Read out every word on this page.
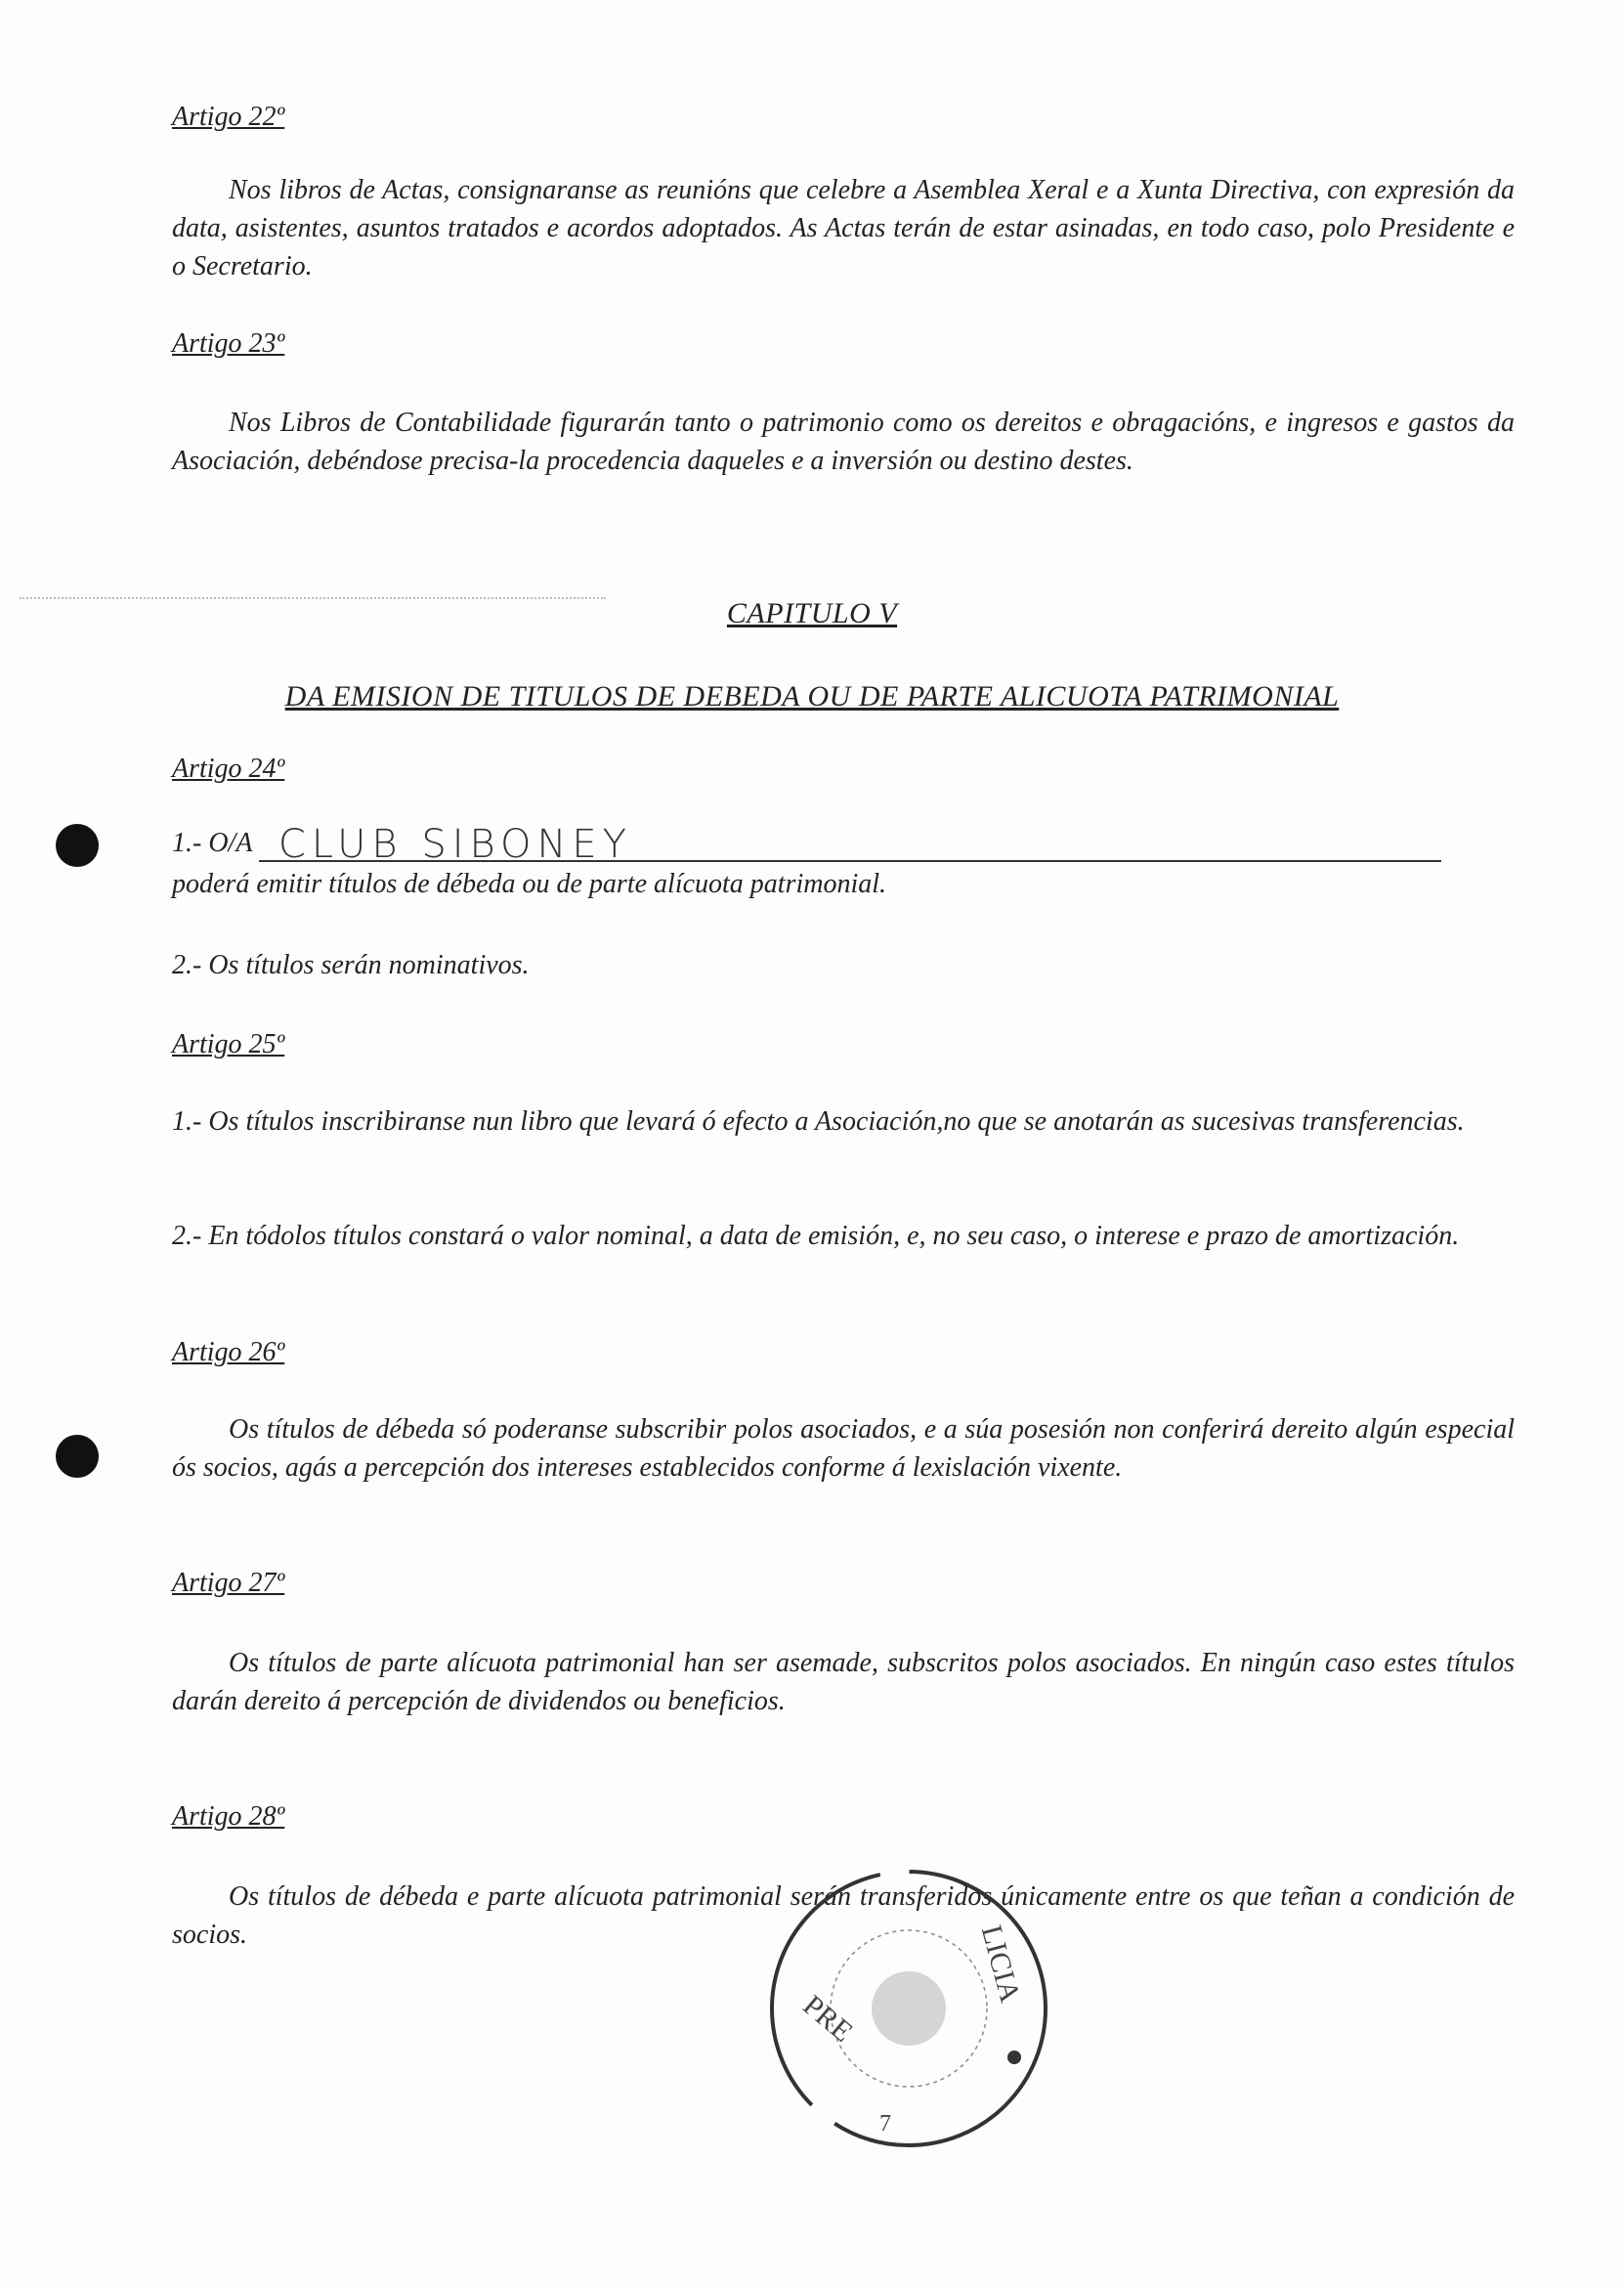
Artigo 22º
Nos libros de Actas, consignaranse as reunións que celebre a Asemblea Xeral e a Xunta Directiva, con expresión da data, asistentes, asuntos tratados e acordos adoptados. As Actas terán de estar asinadas, en todo caso, polo Presidente e o Secretario.
Artigo 23º
Nos Libros de Contabilidade figurarán tanto o patrimonio como os dereitos e obragacións, e ingresos e gastos da Asociación, debéndose precisa-la procedencia daqueles e a inversión ou destino destes.
CAPITULO V
DA EMISION DE TITULOS DE DEBEDA OU DE PARTE ALICUOTA PATRIMONIAL
Artigo 24º
1.- O/A CLUB SIBONEY
poderá emitir títulos de débeda ou de parte alícuota patrimonial.
2.- Os títulos serán nominativos.
Artigo 25º
1.- Os títulos inscribiranse nun libro que levará ó efecto a Asociación,no que se anotarán as sucesivas transferencias.
2.- En tódolos títulos constará o valor nominal, a data de emisión, e, no seu caso, o interese e prazo de amortización.
Artigo 26º
Os títulos de débeda só poderanse subscribir polos asociados, e a súa posesión non conferirá dereito algún especial ós socios, agás a percepción dos intereses establecidos conforme á lexislación vixente.
Artigo 27º
Os títulos de parte alícuota patrimonial han ser asemade, subscritos polos asociados. En ningún caso estes títulos darán dereito á percepción de dividendos ou beneficios.
Artigo 28º
Os títulos de débeda e parte alícuota patrimonial serán transferidos únicamente entre os que teñan a condición de socios.
PRE
LICIA
7
